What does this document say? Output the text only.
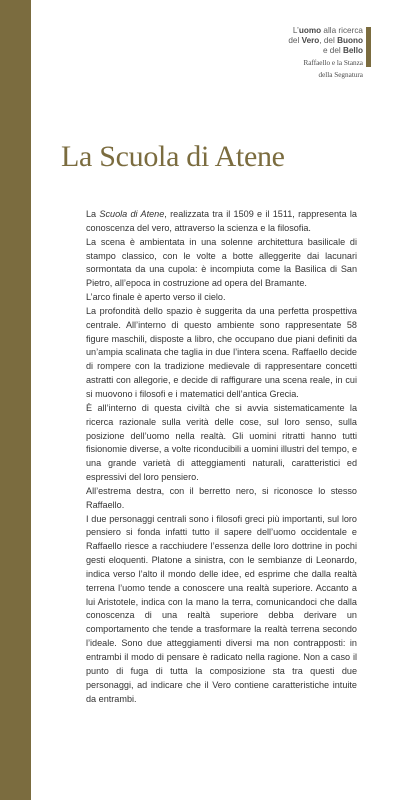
L’uomo alla ricerca
del Vero, del Buono
e del Bello
Raffaello e la Stanza
della Segnatura
La Scuola di Atene

La Scuola di Atene, realizzata tra il 1509 e il 1511, rappresenta la conoscenza del vero, attraverso la scienza e la filosofia.

La scena è ambientata in una solenne architettura basilicale di stampo classico, con le volte a botte alleggerite dai lacunari sormontata da una cupola: è incompiuta come la Basilica di San Pietro, all’epoca in costruzione ad opera del Bramante.

L’arco finale è aperto verso il cielo.

La profondità dello spazio è suggerita da una perfetta prospettiva centrale. All’interno di questo ambiente sono rappresentate 58 figure maschili, disposte a libro, che occupano due piani definiti da un’ampia scalinata che taglia in due l’intera scena. Raffaello decide di rompere con la tradizione medievale di rappresentare concetti astratti con allegorie, e decide di raffigurare una scena reale, in cui si muovono i filosofi e i matematici dell’antica Grecia.

È all’interno di questa civiltà che si avvia sistematicamente la ricerca razionale sulla verità delle cose, sul loro senso, sulla posizione dell’uomo nella realtà. Gli uomini ritratti hanno tutti fisionomie diverse, a volte riconducibili a uomini illustri del tempo, e una grande varietà di atteggiamenti naturali, caratteristici ed espressivi del loro pensiero.

All’estrema destra, con il berretto nero, si riconosce lo stesso Raffaello.

I due personaggi centrali sono i filosofi greci più importanti, sul loro pensiero si fonda infatti tutto il sapere dell’uomo occidentale e Raffaello riesce a racchiudere l’essenza delle loro dottrine in pochi gesti eloquenti. Platone a sinistra, con le sembianze di Leonardo, indica verso l’alto il mondo delle idee, ed esprime che dalla realtà terrena l’uomo tende a conoscere una realtà superiore. Accanto a lui Aristotele, indica con la mano la terra, comunicandoci che dalla conoscenza di una realtà superiore debba derivare un comportamento che tende a trasformare la realtà terrena secondo l’ideale. Sono due atteggiamenti diversi ma non contrapposti: in entrambi il modo di pensare è radicato nella ragione. Non a caso il punto di fuga di tutta la composizione sta tra questi due personaggi, ad indicare che il Vero contiene caratteristiche intuite da entrambi.
